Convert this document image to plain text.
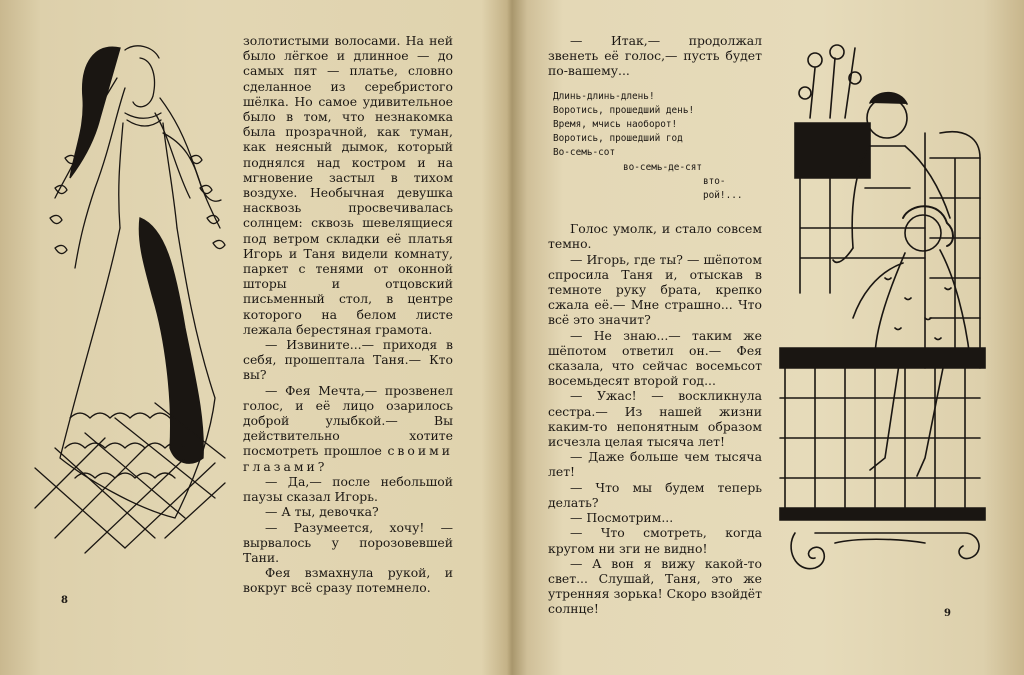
золотистыми волосами. На ней было лёгкое и длинное — до самых пят — платье, словно сделанное из серебристого шёлка. Но самое удивительное было в том, что незнакомка была прозрачной, как туман, как неясный дымок, который поднялся над костром и на мгновение застыл в тихом воздухе. Необычная девушка насквозь просвечивалась солнцем: сквозь шевелящиеся под ветром складки её платья Игорь и Таня видели комнату, паркет с тенями от оконной шторы и отцовский письменный стол, в центре которого на белом листе лежала берестяная грамота.

— Извините...— приходя в себя, прошептала Таня.— Кто вы?

— Фея Мечта,— прозвенел голос, и её лицо озарилось доброй улыбкой.— Вы действительно хотите посмотреть прошлое своими глазами?

— Да,— после небольшой паузы сказал Игорь.

— А ты, девочка?

— Разумеется, хочу! — вырвалось у порозовевшей Тани.

Фея взмахнула рукой, и вокруг всё сразу потемнело.

8

— Итак,— продолжал звенеть её голос,— пусть будет по-вашему...

Длинь-длинь-длень!
Воротись, прошедший день!
Время, мчись наоборот!
Воротись, прошедший год
Во-семь-сот
во-семь-де-сят
вто-рой!...

Голос умолк, и стало совсем темно.

— Игорь, где ты? — шёпотом спросила Таня и, отыскав в темноте руку брата, крепко сжала её.— Мне страшно... Что всё это значит?

— Не знаю...— таким же шёпотом ответил он.— Фея сказала, что сейчас восемьсот восемьдесят второй год...

— Ужас! — воскликнула сестра.— Из нашей жизни каким-то непонятным образом исчезла целая тысяча лет!

— Даже больше чем тысяча лет!

— Что мы будем теперь делать?

— Посмотрим...

— Что смотреть, когда кругом ни зги не видно!

— А вон я вижу какой-то свет... Слушай, Таня, это же утренняя зорька! Скоро взойдёт солнце!	9
